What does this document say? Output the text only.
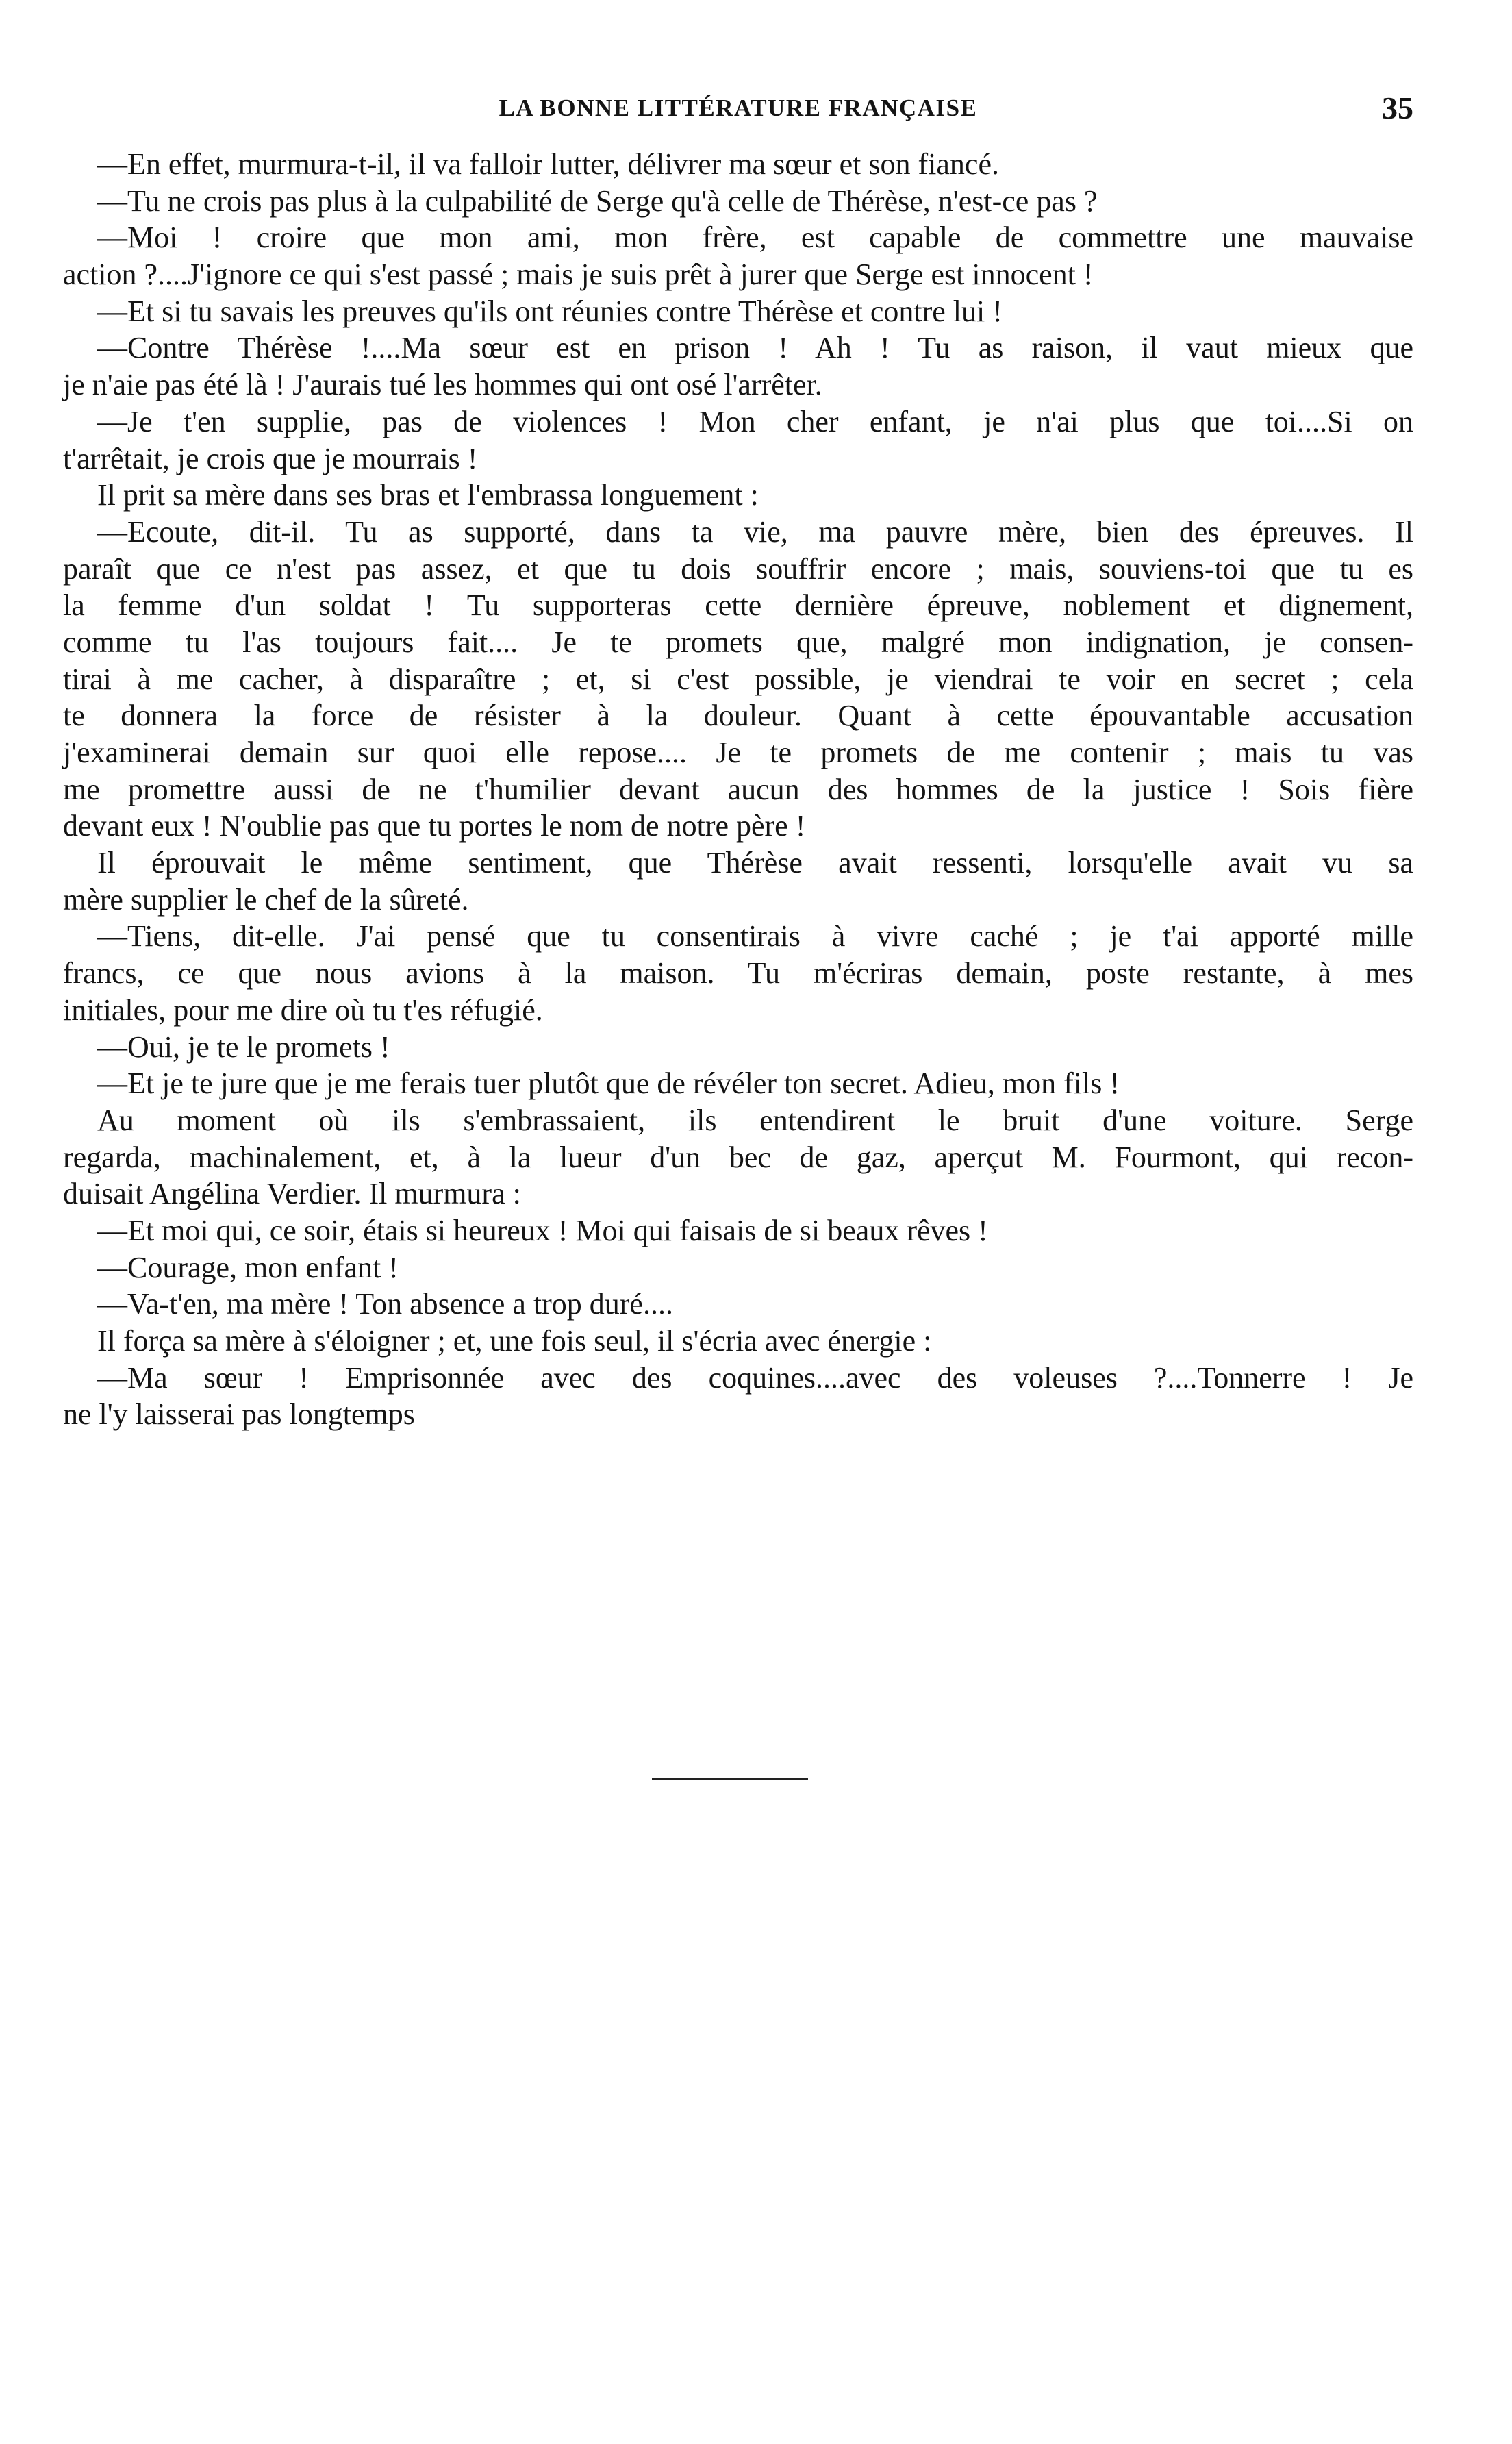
LA BONNE LITTÉRATURE FRANÇAISE	35
—En effet, murmura-t-il, il va falloir lutter, délivrer ma sœur et son fiancé.
—Tu ne crois pas plus à la culpabilité de Serge qu'à celle de Thérèse, n'est-ce pas ?
—Moi ! croire que mon ami, mon frère, est capable de commettre une mauvaise
action ?....J'ignore ce qui s'est passé ; mais je suis prêt à jurer que Serge est innocent !
—Et si tu savais les preuves qu'ils ont réunies contre Thérèse et contre lui !
—Contre Thérèse !....Ma sœur est en prison ! Ah ! Tu as raison, il vaut mieux que
je n'aie pas été là ! J'aurais tué les hommes qui ont osé l'arrêter.
—Je t'en supplie, pas de violences ! Mon cher enfant, je n'ai plus que toi....Si on
t'arrêtait, je crois que je mourrais !
Il prit sa mère dans ses bras et l'embrassa longuement :
—Ecoute, dit-il. Tu as supporté, dans ta vie, ma pauvre mère, bien des épreuves. Il
paraît que ce n'est pas assez, et que tu dois souffrir encore ; mais, souviens-toi que tu es
la femme d'un soldat ! Tu supporteras cette dernière épreuve, noblement et dignement,
comme tu l'as toujours fait.... Je te promets que, malgré mon indignation, je consen-
tirai à me cacher, à disparaître ; et, si c'est possible, je viendrai te voir en secret ; cela
te donnera la force de résister à la douleur. Quant à cette épouvantable accusation
j'examinerai demain sur quoi elle repose.... Je te promets de me contenir ; mais tu vas
me promettre aussi de ne t'humilier devant aucun des hommes de la justice ! Sois fière
devant eux ! N'oublie pas que tu portes le nom de notre père !
Il éprouvait le même sentiment, que Thérèse avait ressenti, lorsqu'elle avait vu sa
mère supplier le chef de la sûreté.
—Tiens, dit-elle. J'ai pensé que tu consentirais à vivre caché ; je t'ai apporté mille
francs, ce que nous avions à la maison. Tu m'écriras demain, poste restante, à mes
initiales, pour me dire où tu t'es réfugié.
—Oui, je te le promets !
—Et je te jure que je me ferais tuer plutôt que de révéler ton secret. Adieu, mon fils !
Au moment où ils s'embrassaient, ils entendirent le bruit d'une voiture. Serge
regarda, machinalement, et, à la lueur d'un bec de gaz, aperçut M. Fourmont, qui recon-
duisait Angélina Verdier. Il murmura :
—Et moi qui, ce soir, étais si heureux ! Moi qui faisais de si beaux rêves !
—Courage, mon enfant !
—Va-t'en, ma mère ! Ton absence a trop duré....
Il força sa mère à s'éloigner ; et, une fois seul, il s'écria avec énergie :
—Ma sœur ! Emprisonnée avec des coquines....avec des voleuses ?....Tonnerre ! Je
ne l'y laisserai pas longtemps
